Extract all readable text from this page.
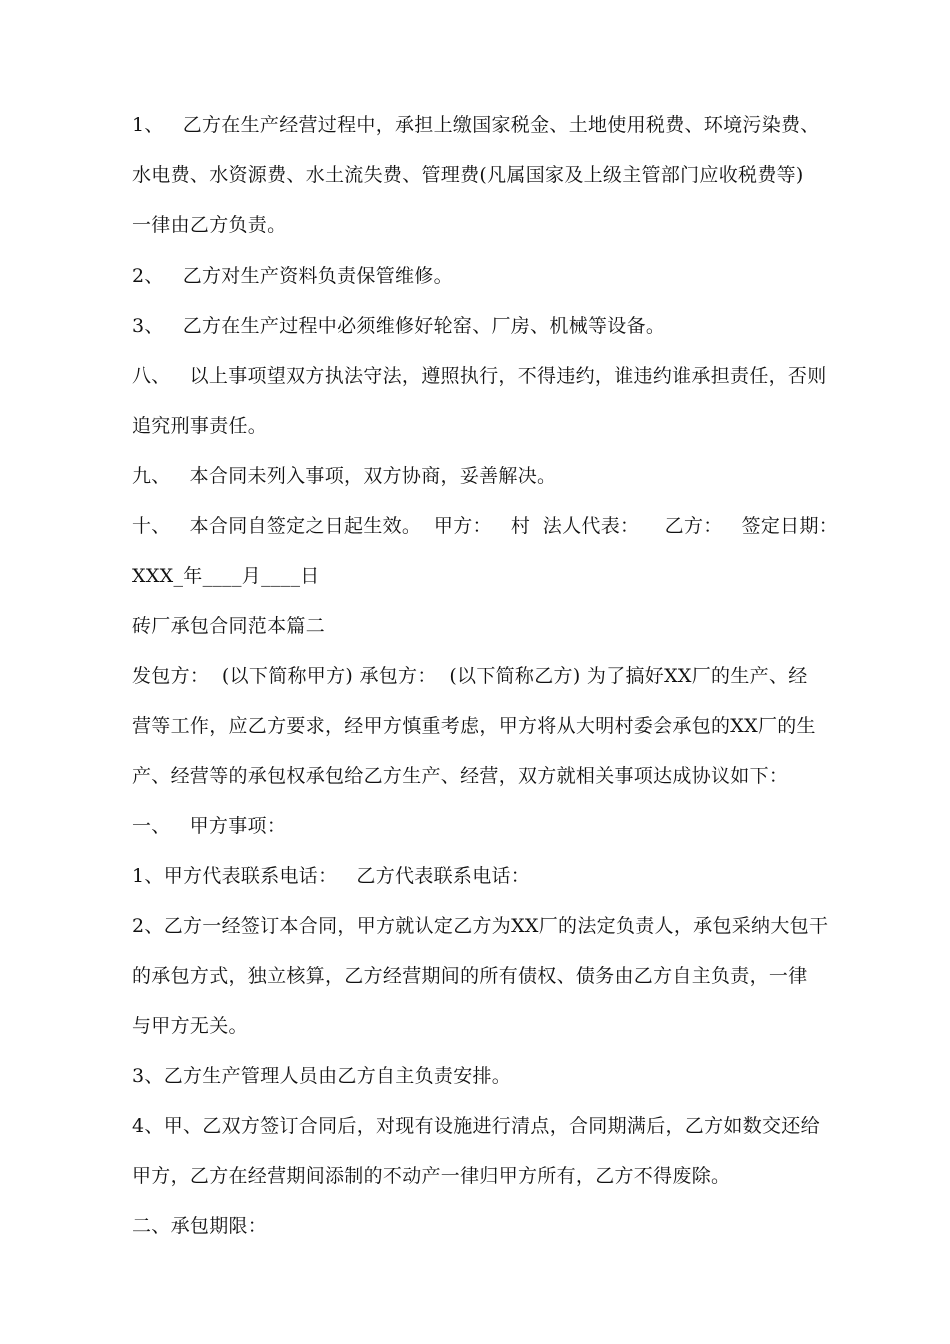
1、   乙方在生产经营过程中，承担上缴国家税金、土地使用税费、环境污染费、

水电费、水资源费、水土流失费、管理费(凡属国家及上级主管部门应收税费等)

一律由乙方负责。

2、   乙方对生产资料负责保管维修。

3、   乙方在生产过程中必须维修好轮窑、厂房、机械等设备。

八、   以上事项望双方执法守法，遵照执行，不得违约，谁违约谁承担责任，否则

追究刑事责任。

九、   本合同未列入事项，双方协商，妥善解决。

十、   本合同自签定之日起生效。  甲方：   村  法人代表：    乙方：   签定日期：

XXX_年____月____日

砖厂承包合同范本篇二

发包方：  (以下简称甲方) 承包方：  (以下简称乙方) 为了搞好XX厂的生产、经

营等工作，应乙方要求，经甲方慎重考虑，甲方将从大明村委会承包的XX厂的生

产、经营等的承包权承包给乙方生产、经营，双方就相关事项达成协议如下：

一、   甲方事项：

1、甲方代表联系电话：   乙方代表联系电话：

2、乙方一经签订本合同，甲方就认定乙方为XX厂的法定负责人，承包采纳大包干

的承包方式，独立核算，乙方经营期间的所有债权、债务由乙方自主负责，一律

与甲方无关。

3、乙方生产管理人员由乙方自主负责安排。

4、甲、乙双方签订合同后，对现有设施进行清点，合同期满后，乙方如数交还给

甲方，乙方在经营期间添制的不动产一律归甲方所有，乙方不得废除。

二、承包期限：
